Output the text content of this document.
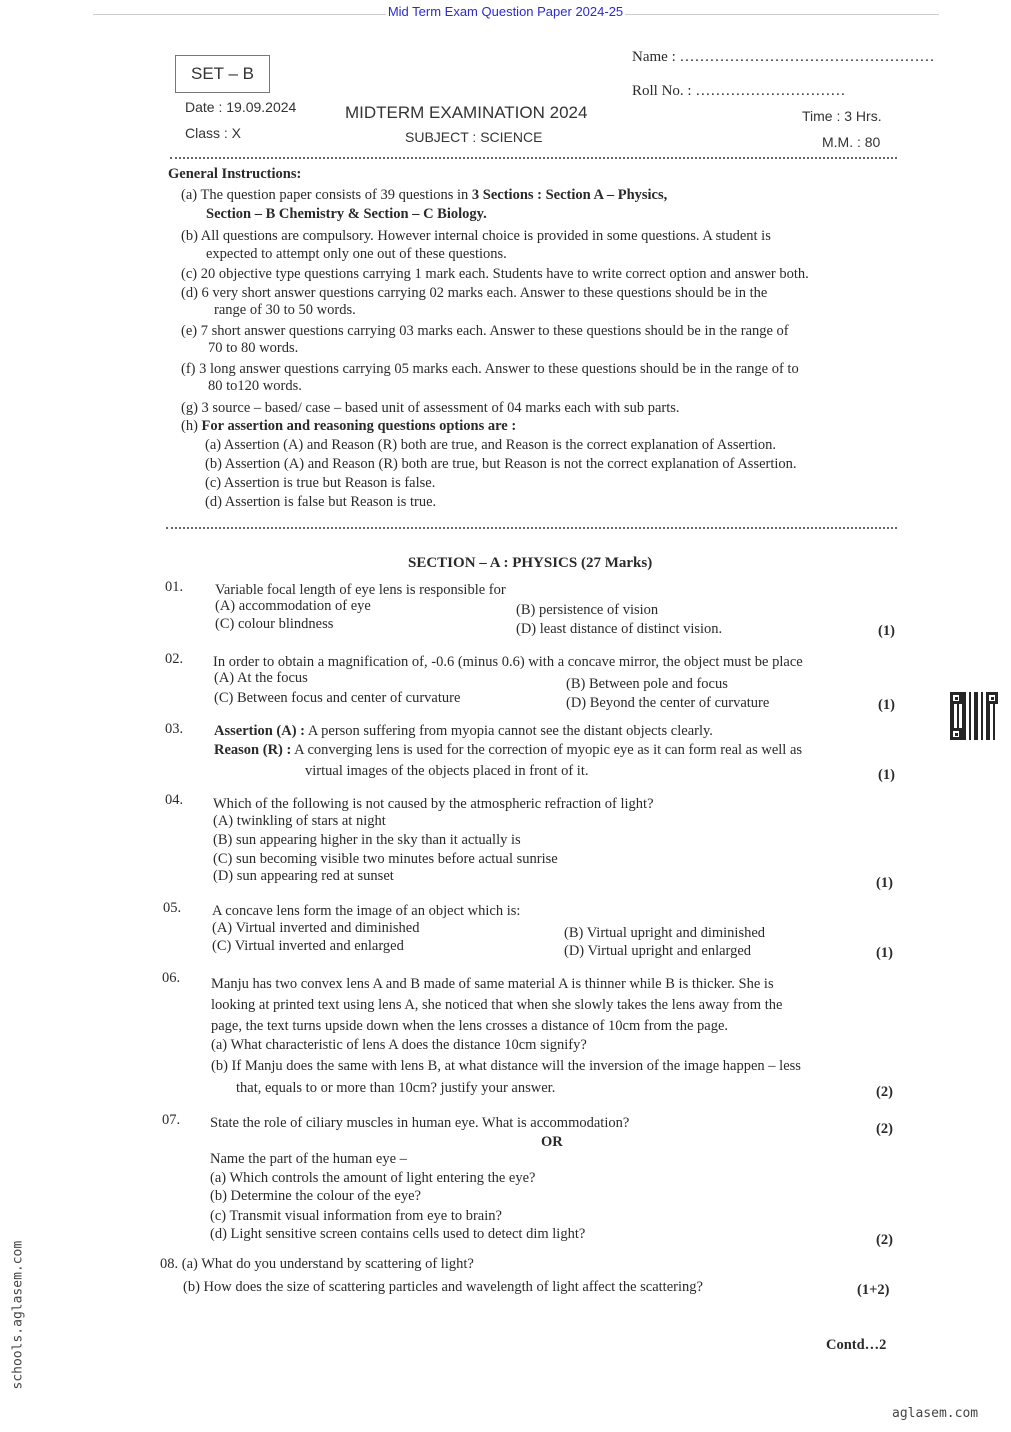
Mid Term Exam Question Paper 2024-25
SET – B
Name : ……………………………………………
Roll No. : …………………………
Date : 19.09.2024
Class : X
MIDTERM EXAMINATION 2024
SUBJECT : SCIENCE
Time : 3 Hrs.
M.M. : 80
General Instructions:
(a) The question paper consists of 39 questions in 3 Sections : Section A – Physics,
Section – B Chemistry & Section – C Biology.
(b) All questions are compulsory. However internal choice is provided in some questions. A student is
expected to attempt only one out of these questions.
(c) 20 objective type questions carrying 1 mark each. Students have to write correct option and answer both.
(d) 6 very short answer questions carrying 02 marks each. Answer to these questions should be in the
range of 30 to 50 words.
(e) 7 short answer questions carrying 03 marks each. Answer to these questions should be in the range of
70 to 80 words.
(f) 3 long answer questions carrying 05 marks each. Answer to these questions should be in the range of to
80 to120 words.
(g) 3 source – based/ case – based unit of assessment of 04 marks each with sub parts.
(h) For assertion and reasoning questions options are :
(a) Assertion (A) and Reason (R) both are true, and Reason is the correct explanation of Assertion.
(b) Assertion (A) and Reason (R) both are true, but Reason is not the correct explanation of Assertion.
(c) Assertion is true but Reason is false.
(d) Assertion is false but Reason is true.
SECTION – A : PHYSICS (27 Marks)
01. Variable focal length of eye lens is responsible for
(A) accommodation of eye	(B) persistence of vision
(C) colour blindness	(D) least distance of distinct vision.	(1)
02. In order to obtain a magnification of, -0.6 (minus 0.6) with a concave mirror, the object must be place
(A) At the focus	(B) Between pole and focus
(C) Between focus and center of curvature	(D) Beyond the center of curvature	(1)
03. Assertion (A) : A person suffering from myopia cannot see the distant objects clearly.
Reason (R) : A converging lens is used for the correction of myopic eye as it can form real as well as
virtual images of the objects placed in front of it.	(1)
04. Which of the following is not caused by the atmospheric refraction of light?
(A) twinkling of stars at night
(B) sun appearing higher in the sky than it actually is
(C) sun becoming visible two minutes before actual sunrise
(D) sun appearing red at sunset	(1)
05. A concave lens form the image of an object which is:
(A) Virtual inverted and diminished	(B) Virtual upright and diminished
(C) Virtual inverted and enlarged	(D) Virtual upright and enlarged	(1)
06. Manju has two convex lens A and B made of same material A is thinner while B is thicker. She is
looking at printed text using lens A, she noticed that when she slowly takes the lens away from the
page, the text turns upside down when the lens crosses a distance of 10cm from the page.
(a) What characteristic of lens A does the distance 10cm signify?
(b) If Manju does the same with lens B, at what distance will the inversion of the image happen – less
that, equals to or more than 10cm? justify your answer.	(2)
07. State the role of ciliary muscles in human eye. What is accommodation?	(2)
OR
Name the part of the human eye –
(a) Which controls the amount of light entering the eye?
(b) Determine the colour of the eye?
(c) Transmit visual information from eye to brain?
(d) Light sensitive screen contains cells used to detect dim light?	(2)
08. (a) What do you understand by scattering of light?
(b) How does the size of scattering particles and wavelength of light affect the scattering?	(1+2)
Contd…2
schools.aglasem.com
aglasem.com
